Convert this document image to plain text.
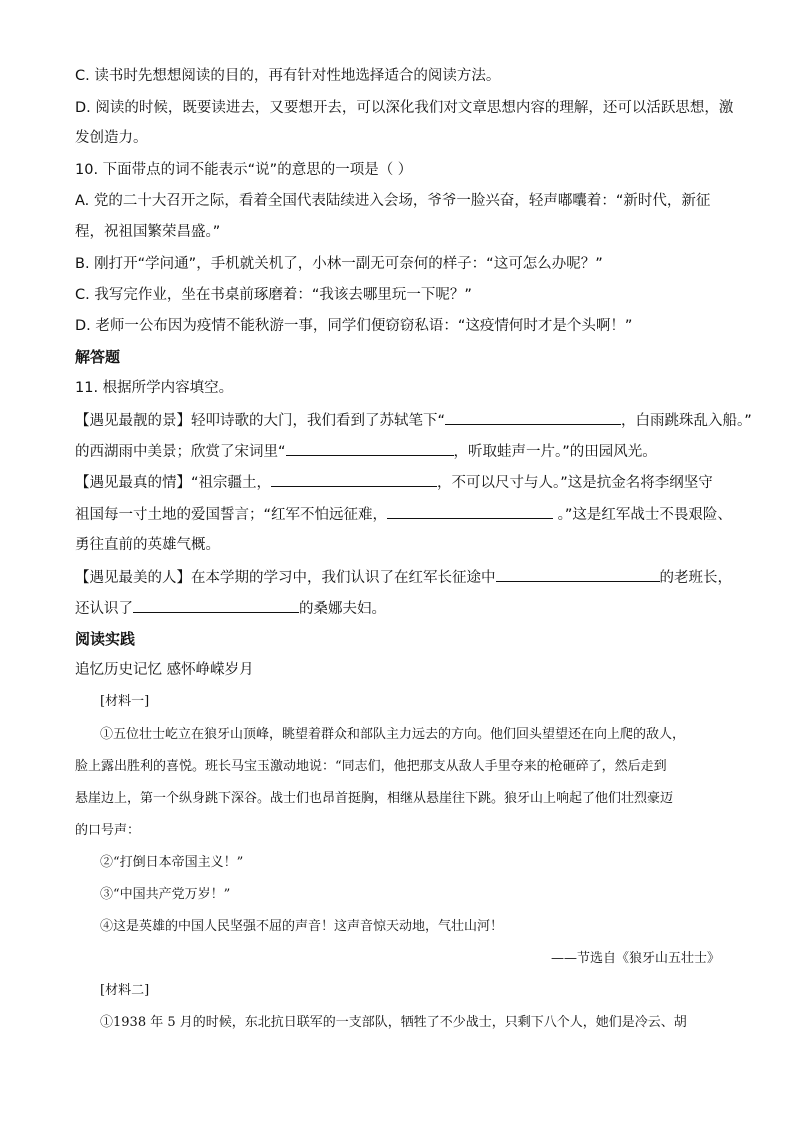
C. 读书时先想想阅读的目的，再有针对性地选择适合的阅读方法。
D. 阅读的时候，既要读进去，又要想开去，可以深化我们对文章思想内容的理解，还可以活跃思想，激
发创造力。
10. 下面带点的词不能表示“说”的意思的一项是（ ）
A. 党的二十大召开之际，看着全国代表陆续进入会场，爷爷一脸兴奋，轻声嘟囔着：“新时代，新征
程，祝祖国繁荣昌盛。”
B. 刚打开“学问通”，手机就关机了，小林一副无可奈何的样子：“这可怎么办呢？”
C. 我写完作业，坐在书桌前琢磨着：“我该去哪里玩一下呢？”
D. 老师一公布因为疫情不能秋游一事，同学们便窃窃私语：“这疫情何时才是个头啊！”
解答题
11. 根据所学内容填空。
【遇见最靓的景】轻叩诗歌的大门，我们看到了苏轼笔下“	，白雨跳珠乱入船。”
的西湖雨中美景；欣赏了宋词里“	，听取蛙声一片。”的田园风光。
【遇见最真的情】“祖宗疆土，	，不可以尺寸与人。”这是抗金名将李纲坚守
祖国每一寸土地的爱国誓言；“红军不怕远征难，	。”这是红军战士不畏艰险、
勇往直前的英雄气概。
【遇见最美的人】在本学期的学习中，我们认识了在红军长征途中	的老班长，
还认识了	的桑娜夫妇。
阅读实践
追忆历史记忆 感怀峥嵘岁月
[材料一]
①五位壮士屹立在狼牙山顶峰，眺望着群众和部队主力远去的方向。他们回头望望还在向上爬的敌人，
脸上露出胜利的喜悦。班长马宝玉激动地说：“同志们，他把那支从敌人手里夺来的枪砸碎了，然后走到
悬崖边上，第一个纵身跳下深谷。战士们也昂首挺胸，相继从悬崖往下跳。狼牙山上响起了他们壮烈豪迈
的口号声：
②“打倒日本帝国主义！”
③“中国共产党万岁！”
④这是英雄的中国人民坚强不屈的声音！这声音惊天动地，气壮山河！
——节选自《狼牙山五壮士》
[材料二]
①1938 年 5 月的时候，东北抗日联军的一支部队，牺牲了不少战士，只剩下八个人，她们是冷云、胡
